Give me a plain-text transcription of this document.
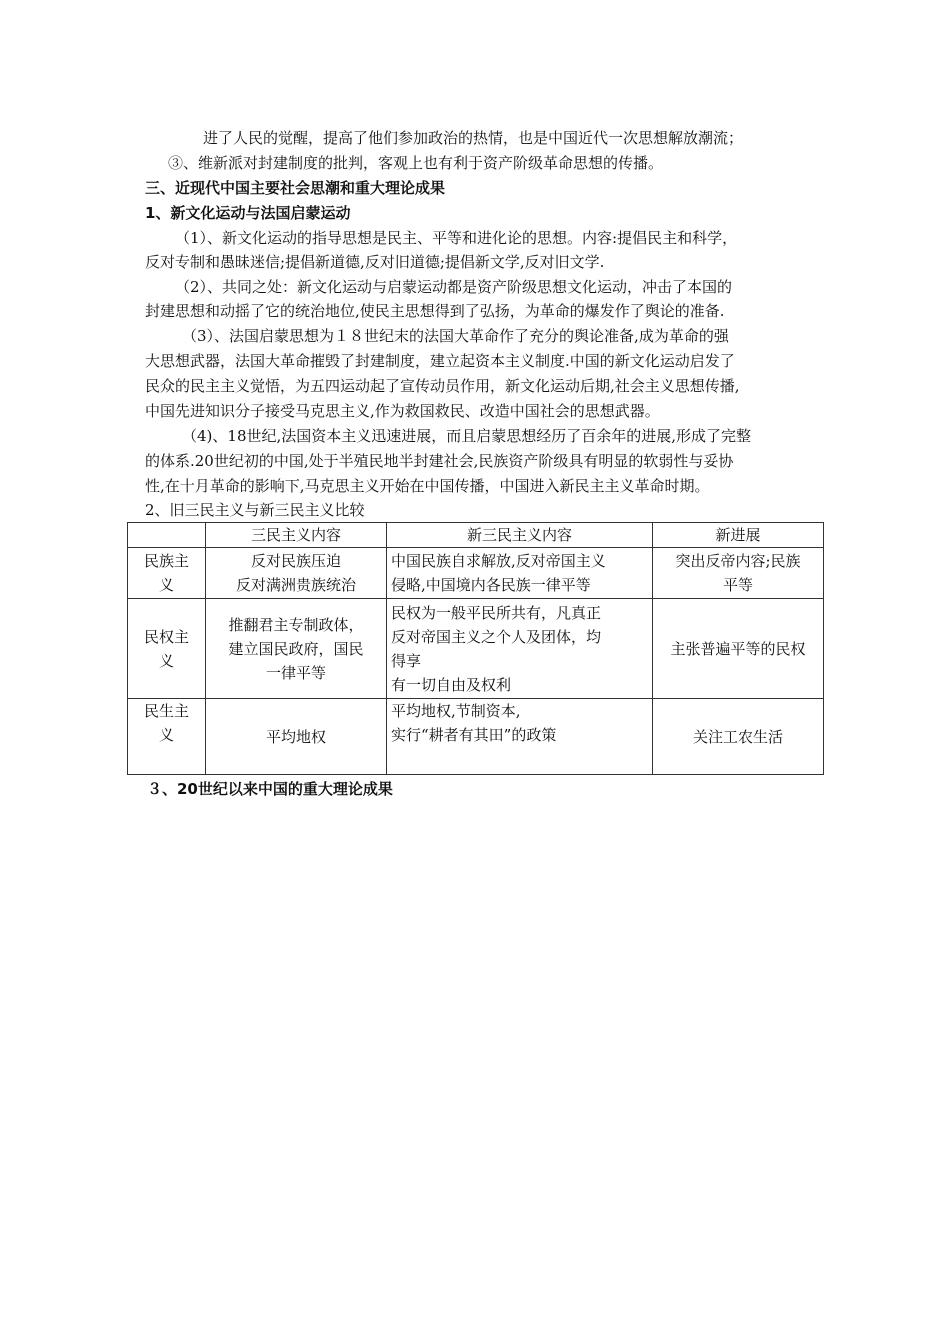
进了人民的觉醒，提高了他们参加政治的热情，也是中国近代一次思想解放潮流；
③、维新派对封建制度的批判，客观上也有利于资产阶级革命思想的传播。
三、近现代中国主要社会思潮和重大理论成果
1、新文化运动与法国启蒙运动
（1）、新文化运动的指导思想是民主、平等和进化论的思想。内容:提倡民主和科学，
反对专制和愚昧迷信;提倡新道德,反对旧道德;提倡新文学,反对旧文学.
（2）、共同之处：新文化运动与启蒙运动都是资产阶级思想文化运动，冲击了本国的
封建思想和动摇了它的统治地位,使民主思想得到了弘扬，为革命的爆发作了舆论的准备.
（3）、法国启蒙思想为１８世纪末的法国大革命作了充分的舆论准备,成为革命的强
大思想武器，法国大革命摧毁了封建制度，建立起资本主义制度.中国的新文化运动启发了
民众的民主主义觉悟，为五四运动起了宣传动员作用，新文化运动后期,社会主义思想传播,
中国先进知识分子接受马克思主义,作为救国救民、改造中国社会的思想武器。
（4)、18世纪,法国资本主义迅速进展，而且启蒙思想经历了百余年的进展,形成了完整
的体系.20世纪初的中国,处于半殖民地半封建社会,民族资产阶级具有明显的软弱性与妥协
性,在十月革命的影响下,马克思主义开始在中国传播，中国进入新民主主义革命时期。
2、旧三民主义与新三民主义比较
	三民主义内容	新三民主义内容	新进展

民族主
义	反对民族压迫
反对满洲贵族统治	中国民族自求解放,反对帝国主义
侵略,中国境内各民族一律平等	突出反帝内容;民族
平等

民权主
义	推翻君主专制政体，
建立国民政府，国民
一律平等	民权为一般平民所共有，凡真正
反对帝国主义之个人及团体，均
得享
有一切自由及权利	主张普遍平等的民权

民生主
义	平均地权	平均地权,节制资本,
实行“耕者有其田”的政策	关注工农生活
３、20世纪以来中国的重大理论成果
